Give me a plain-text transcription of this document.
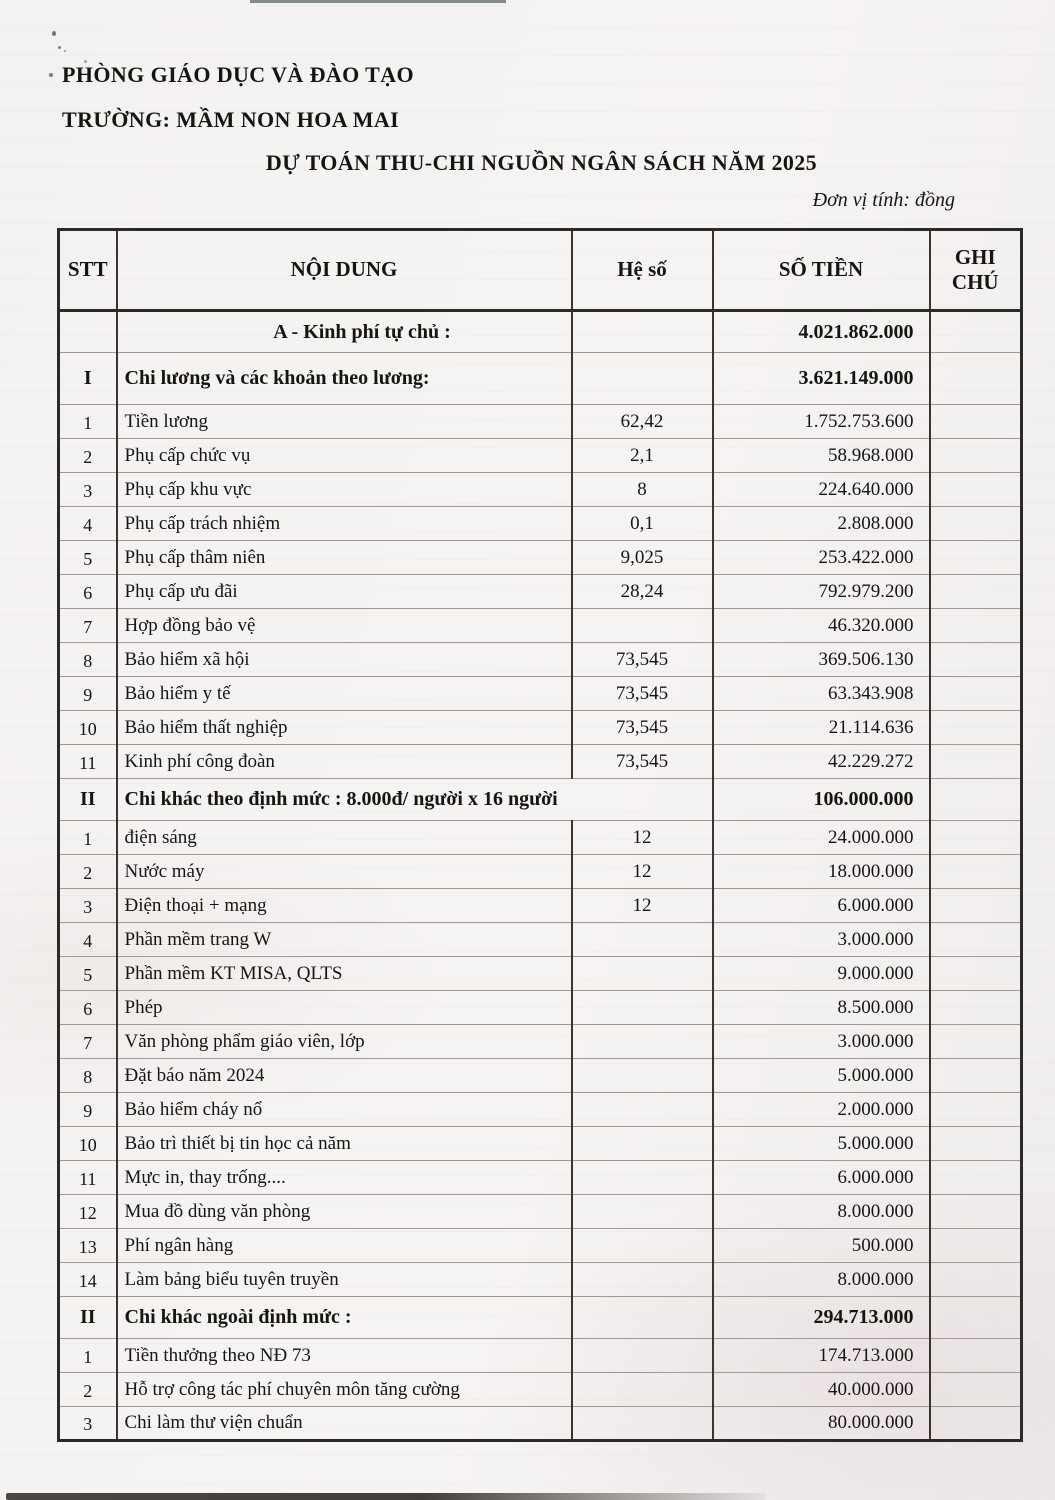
PHÒNG GIÁO DỤC VÀ ĐÀO TẠO
TRƯỜNG: MẦM NON HOA MAI
DỰ TOÁN THU-CHI NGUỒN NGÂN SÁCH NĂM 2025
Đơn vị tính: đồng
STT	NỘI DUNG	Hệ số	SỐ TIỀN	GHI CHÚ
	A - Kinh phí tự chủ :		4.021.862.000	
I	Chi lương và các khoản theo lương:		3.621.149.000	
1	Tiền lương	62,42	1.752.753.600	
2	Phụ cấp chức vụ	2,1	58.968.000	
3	Phụ cấp khu vực	8	224.640.000	
4	Phụ cấp trách nhiệm	0,1	2.808.000	
5	Phụ cấp thâm niên	9,025	253.422.000	
6	Phụ cấp ưu đãi	28,24	792.979.200	
7	Hợp đồng bảo vệ		46.320.000	
8	Bảo hiểm xã hội	73,545	369.506.130	
9	Bảo hiểm y tế	73,545	63.343.908	
10	Bảo hiểm thất nghiệp	73,545	21.114.636	
11	Kinh phí công đoàn	73,545	42.229.272	
II	Chi khác theo định mức : 8.000đ/ người x 16 người		106.000.000	
1	điện sáng	12	24.000.000	
2	Nước máy	12	18.000.000	
3	Điện thoại + mạng	12	6.000.000	
4	Phần mềm trang W		3.000.000	
5	Phần mềm KT MISA, QLTS		9.000.000	
6	Phép		8.500.000	
7	Văn phòng phẩm giáo viên, lớp		3.000.000	
8	Đặt báo năm 2024		5.000.000	
9	Bảo hiểm cháy nổ		2.000.000	
10	Bảo trì thiết bị tin học cả năm		5.000.000	
11	Mực in, thay trống....		6.000.000	
12	Mua đồ dùng văn phòng		8.000.000	
13	Phí ngân hàng		500.000	
14	Làm bảng biểu tuyên truyền		8.000.000	
II	Chi khác ngoài định mức :		294.713.000	
1	Tiền thưởng theo NĐ 73		174.713.000	
2	Hỗ trợ công tác phí chuyên môn tăng cường		40.000.000	
3	Chi làm thư viện chuẩn		80.000.000	
